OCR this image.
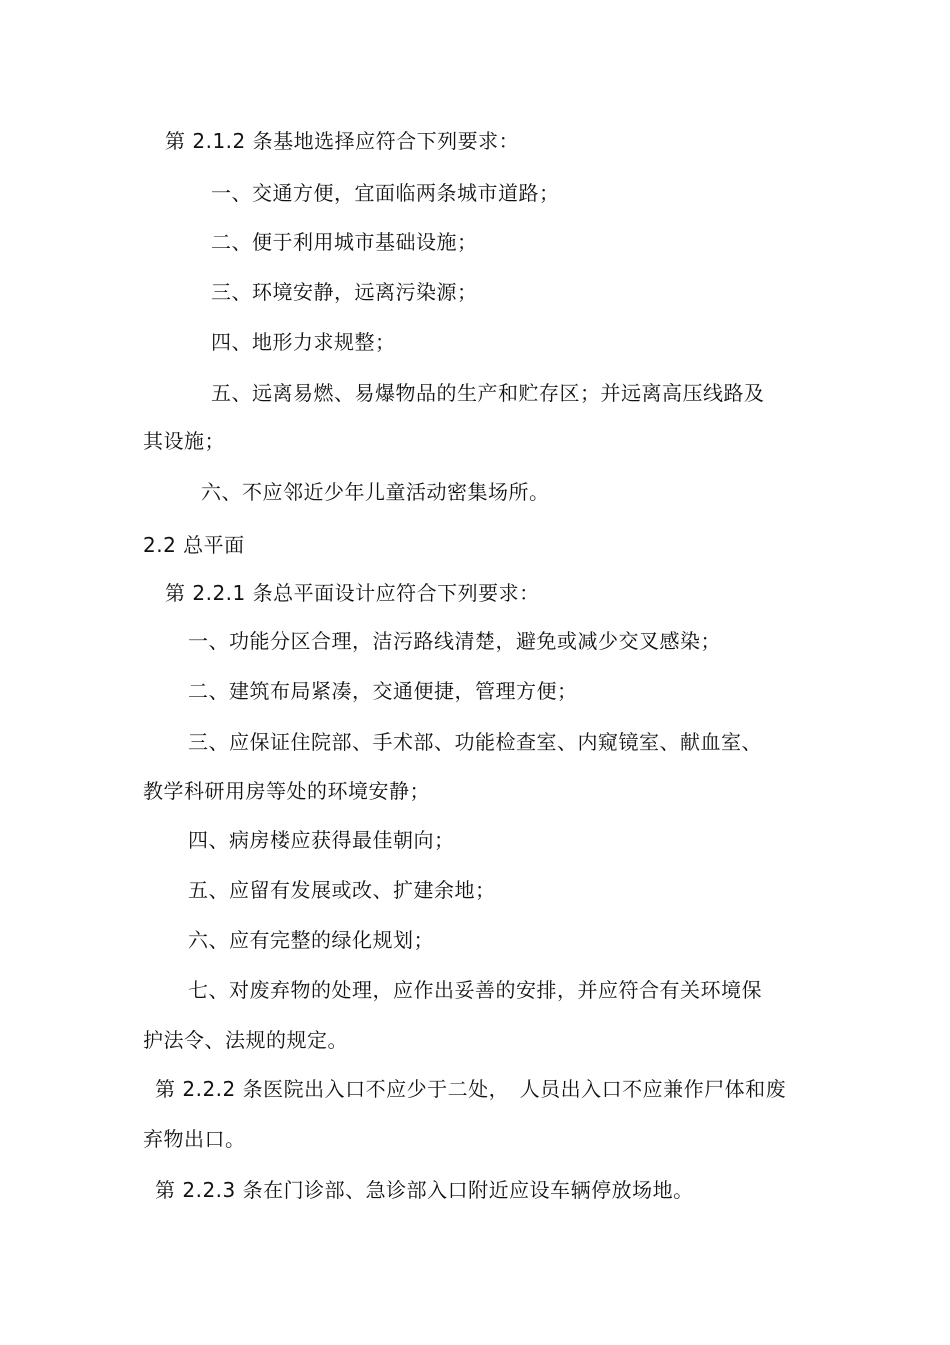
第 2.1.2 条基地选择应符合下列要求：
一、交通方便，宜面临两条城市道路；
二、便于利用城市基础设施；
三、环境安静，远离污染源；
四、地形力求规整；
五、远离易燃、易爆物品的生产和贮存区；并远离高压线路及
其设施；
六、不应邻近少年儿童活动密集场所。
2.2 总平面
第 2.2.1 条总平面设计应符合下列要求：
一、功能分区合理，洁污路线清楚，避免或减少交叉感染；
二、建筑布局紧凑，交通便捷，管理方便；
三、应保证住院部、手术部、功能检查室、内窥镜室、献血室、
教学科研用房等处的环境安静；
四、病房楼应获得最佳朝向；
五、应留有发展或改、扩建余地；
六、应有完整的绿化规划；
七、对废弃物的处理，应作出妥善的安排，并应符合有关环境保
护法令、法规的规定。
第 2.2.2 条医院出入口不应少于二处，　人员出入口不应兼作尸体和废
弃物出口。
第 2.2.3 条在门诊部、急诊部入口附近应设车辆停放场地。
